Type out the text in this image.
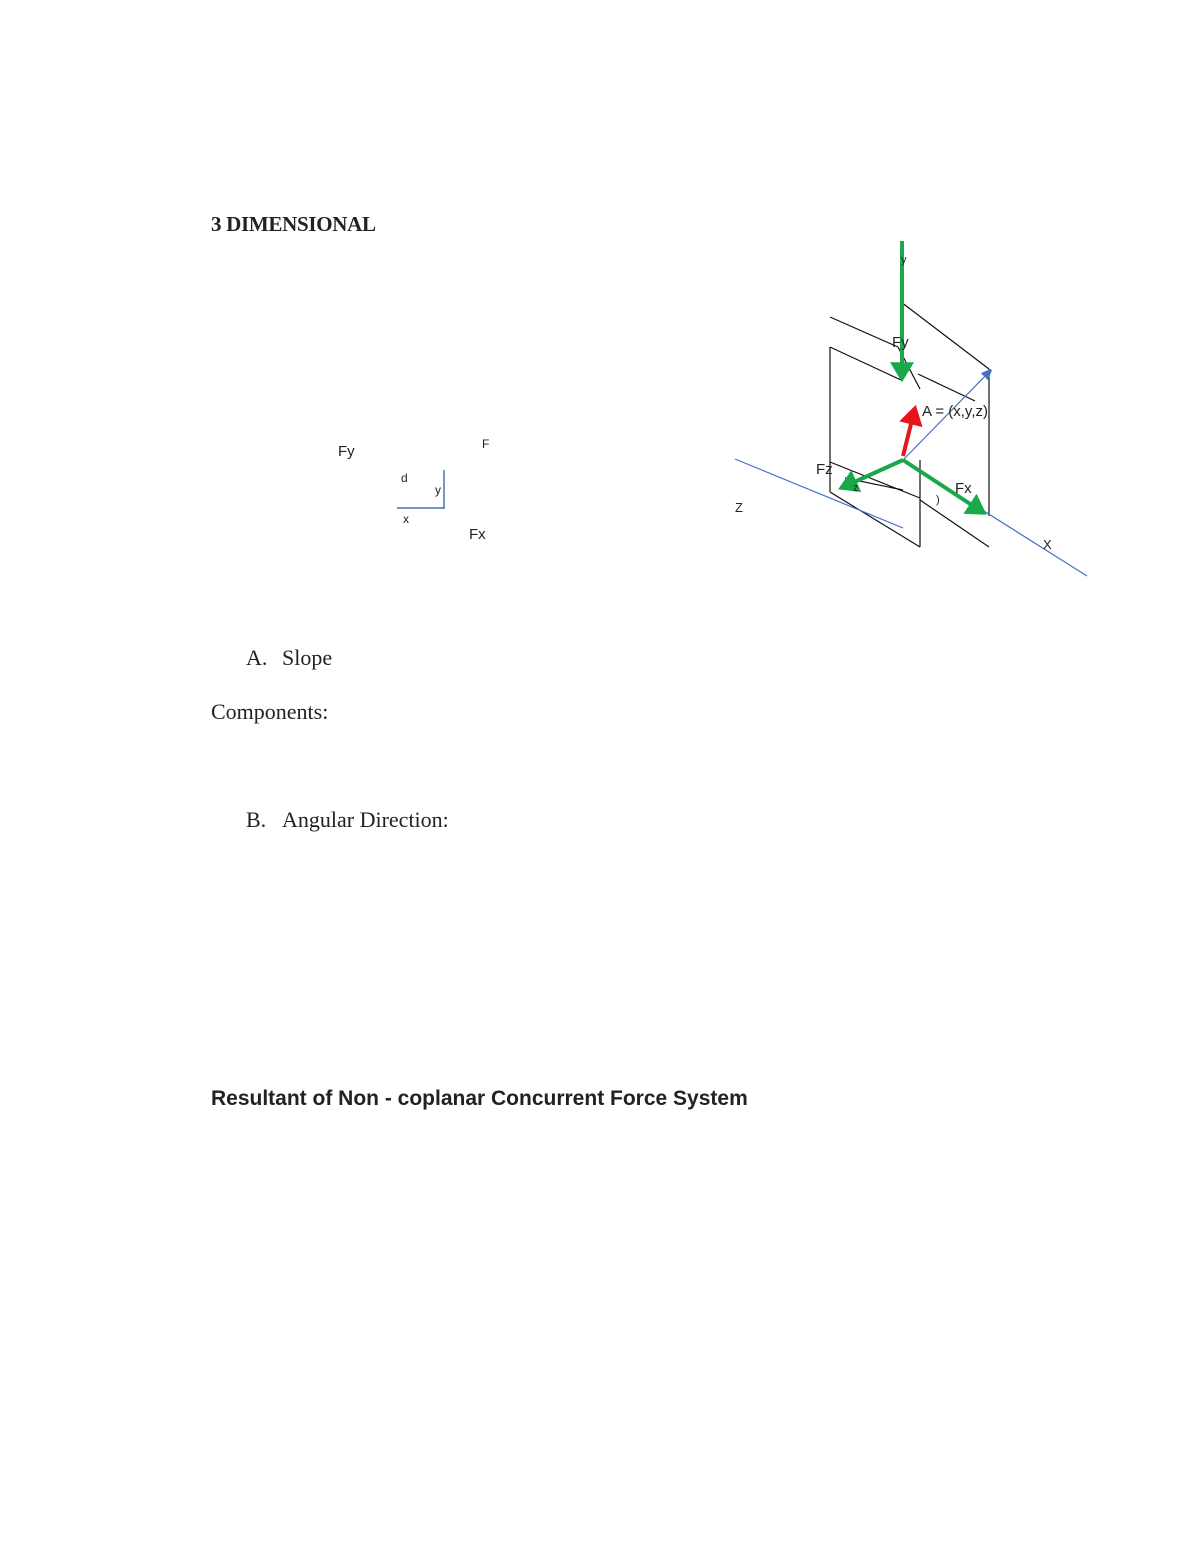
3 DIMENSIONAL
Fy	F
d
y
x
Fx
y
Fy
A = (x,y,z)
Fz
z
)
Fx
Z
X
A. Slope
Components:
B. Angular Direction:
Resultant of Non - coplanar Concurrent Force System
